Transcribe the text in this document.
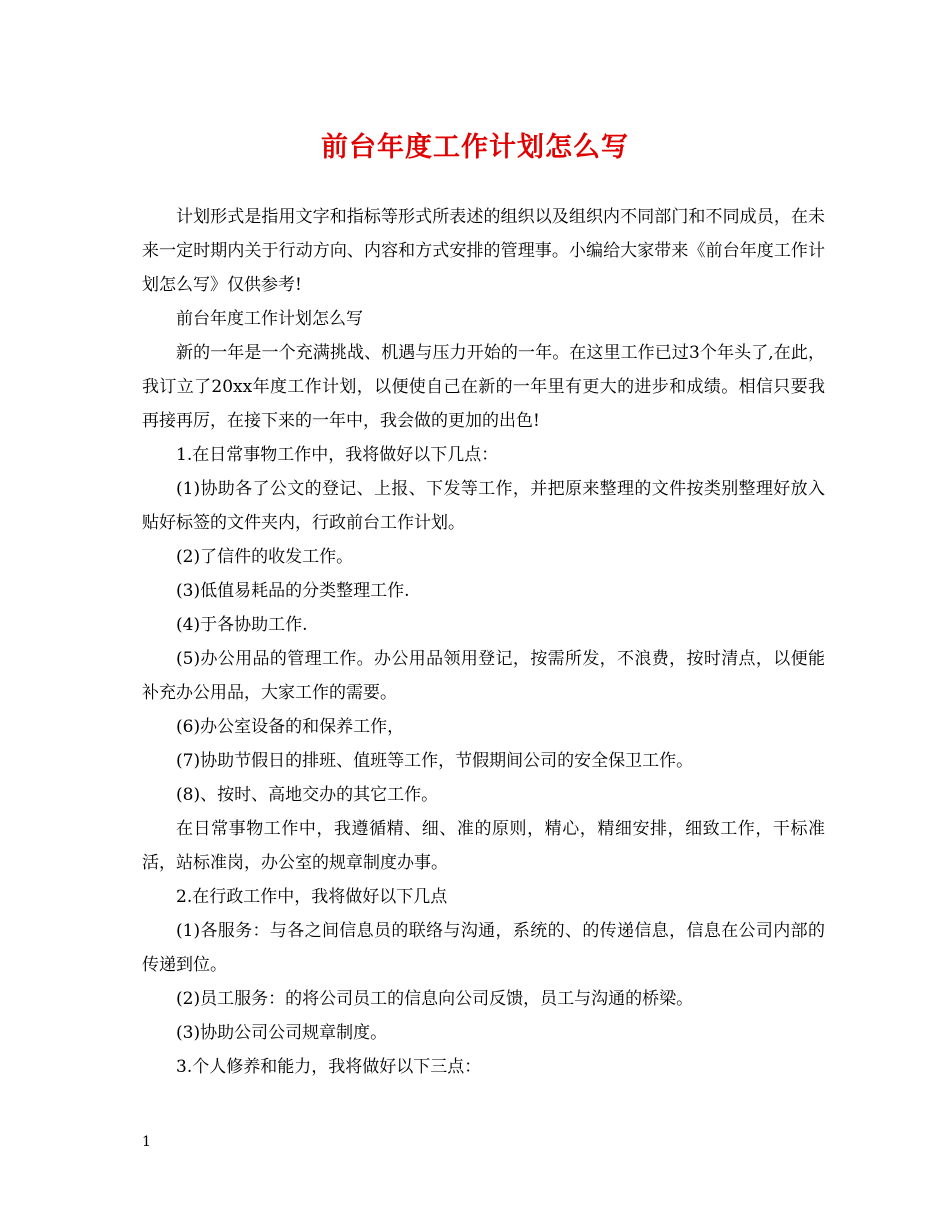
前台年度工作计划怎么写

计划形式是指用文字和指标等形式所表述的组织以及组织内不同部门和不同成员，在未来一定时期内关于行动方向、内容和方式安排的管理事。小编给大家带来《前台年度工作计划怎么写》仅供参考!

前台年度工作计划怎么写

新的一年是一个充满挑战、机遇与压力开始的一年。在这里工作已过3个年头了,在此，我订立了20xx年度工作计划，以便使自己在新的一年里有更大的进步和成绩。相信只要我再接再厉，在接下来的一年中，我会做的更加的出色!

1.在日常事物工作中，我将做好以下几点：

(1)协助各了公文的登记、上报、下发等工作，并把原来整理的文件按类别整理好放入贴好标签的文件夹内，行政前台工作计划。

(2)了信件的收发工作。

(3)低值易耗品的分类整理工作.

(4)于各协助工作.

(5)办公用品的管理工作。办公用品领用登记，按需所发，不浪费，按时清点，以便能补充办公用品，大家工作的需要。

(6)办公室设备的和保养工作，

(7)协助节假日的排班、值班等工作，节假期间公司的安全保卫工作。

(8)、按时、高地交办的其它工作。

在日常事物工作中，我遵循精、细、准的原则，精心，精细安排，细致工作，干标准活，站标准岗，办公室的规章制度办事。

2.在行政工作中，我将做好以下几点

(1)各服务：与各之间信息员的联络与沟通，系统的、的传递信息，信息在公司内部的传递到位。

(2)员工服务：的将公司员工的信息向公司反馈，员工与沟通的桥梁。

(3)协助公司公司规章制度。

3.个人修养和能力，我将做好以下三点：

1
